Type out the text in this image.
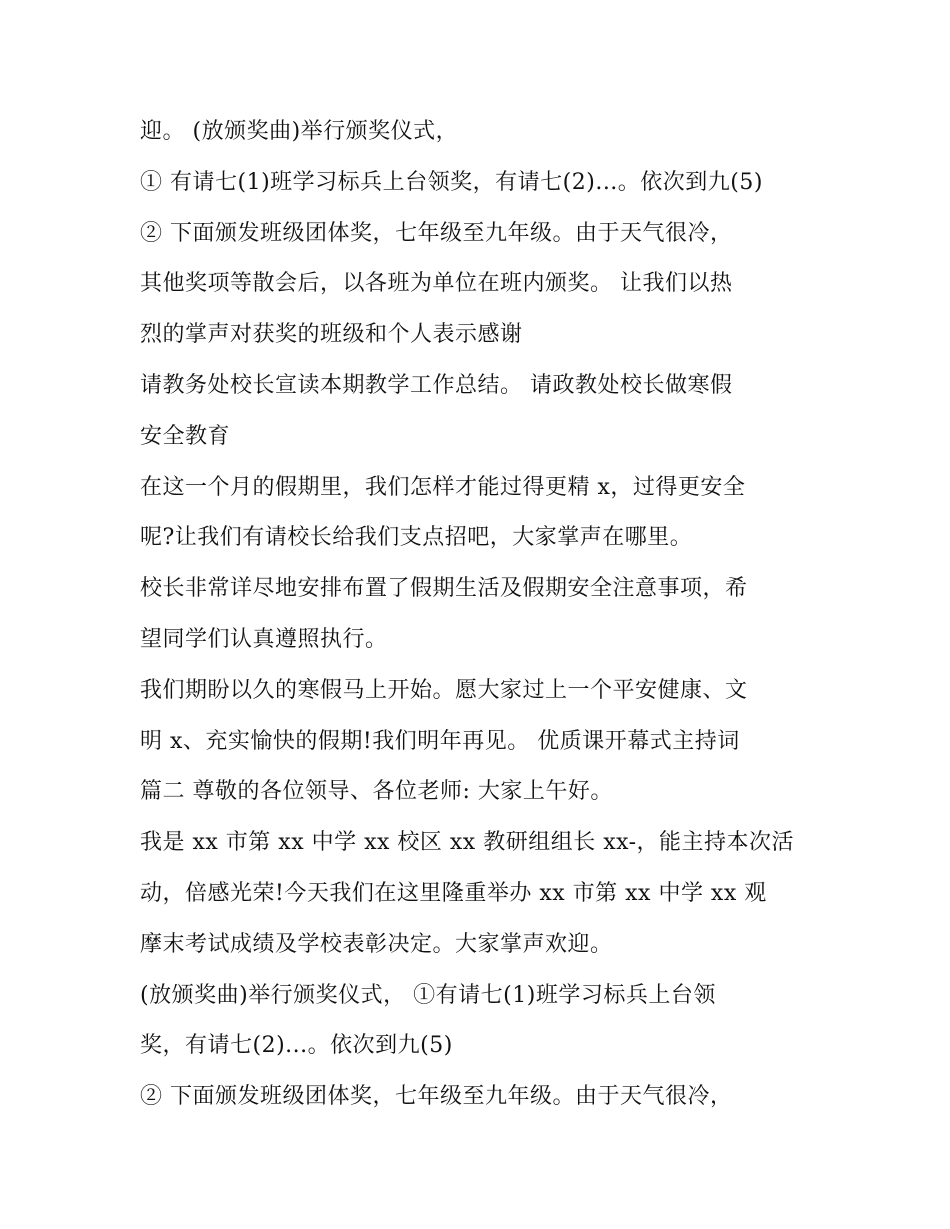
迎。 (放颁奖曲)举行颁奖仪式，
① 有请七(1)班学习标兵上台领奖，有请七(2)...。依次到九(5)
② 下面颁发班级团体奖，七年级至九年级。由于天气很冷，
其他奖项等散会后，以各班为单位在班内颁奖。 让我们以热
烈的掌声对获奖的班级和个人表示感谢
请教务处校长宣读本期教学工作总结。 请政教处校长做寒假
安全教育
在这一个月的假期里，我们怎样才能过得更精 x，过得更安全
呢?让我们有请校长给我们支点招吧，大家掌声在哪里。
校长非常详尽地安排布置了假期生活及假期安全注意事项，希
望同学们认真遵照执行。
我们期盼以久的寒假马上开始。愿大家过上一个平安健康、文
明 x、充实愉快的假期!我们明年再见。 优质课开幕式主持词
篇二 尊敬的各位领导、各位老师: 大家上午好。
我是 xx 市第 xx 中学 xx 校区 xx 教研组组长 xx-，能主持本次活
动，倍感光荣!今天我们在这里隆重举办 xx 市第 xx 中学 xx 观
摩末考试成绩及学校表彰决定。大家掌声欢迎。
(放颁奖曲)举行颁奖仪式， ①有请七(1)班学习标兵上台领
奖，有请七(2)...。依次到九(5)
② 下面颁发班级团体奖，七年级至九年级。由于天气很冷，
